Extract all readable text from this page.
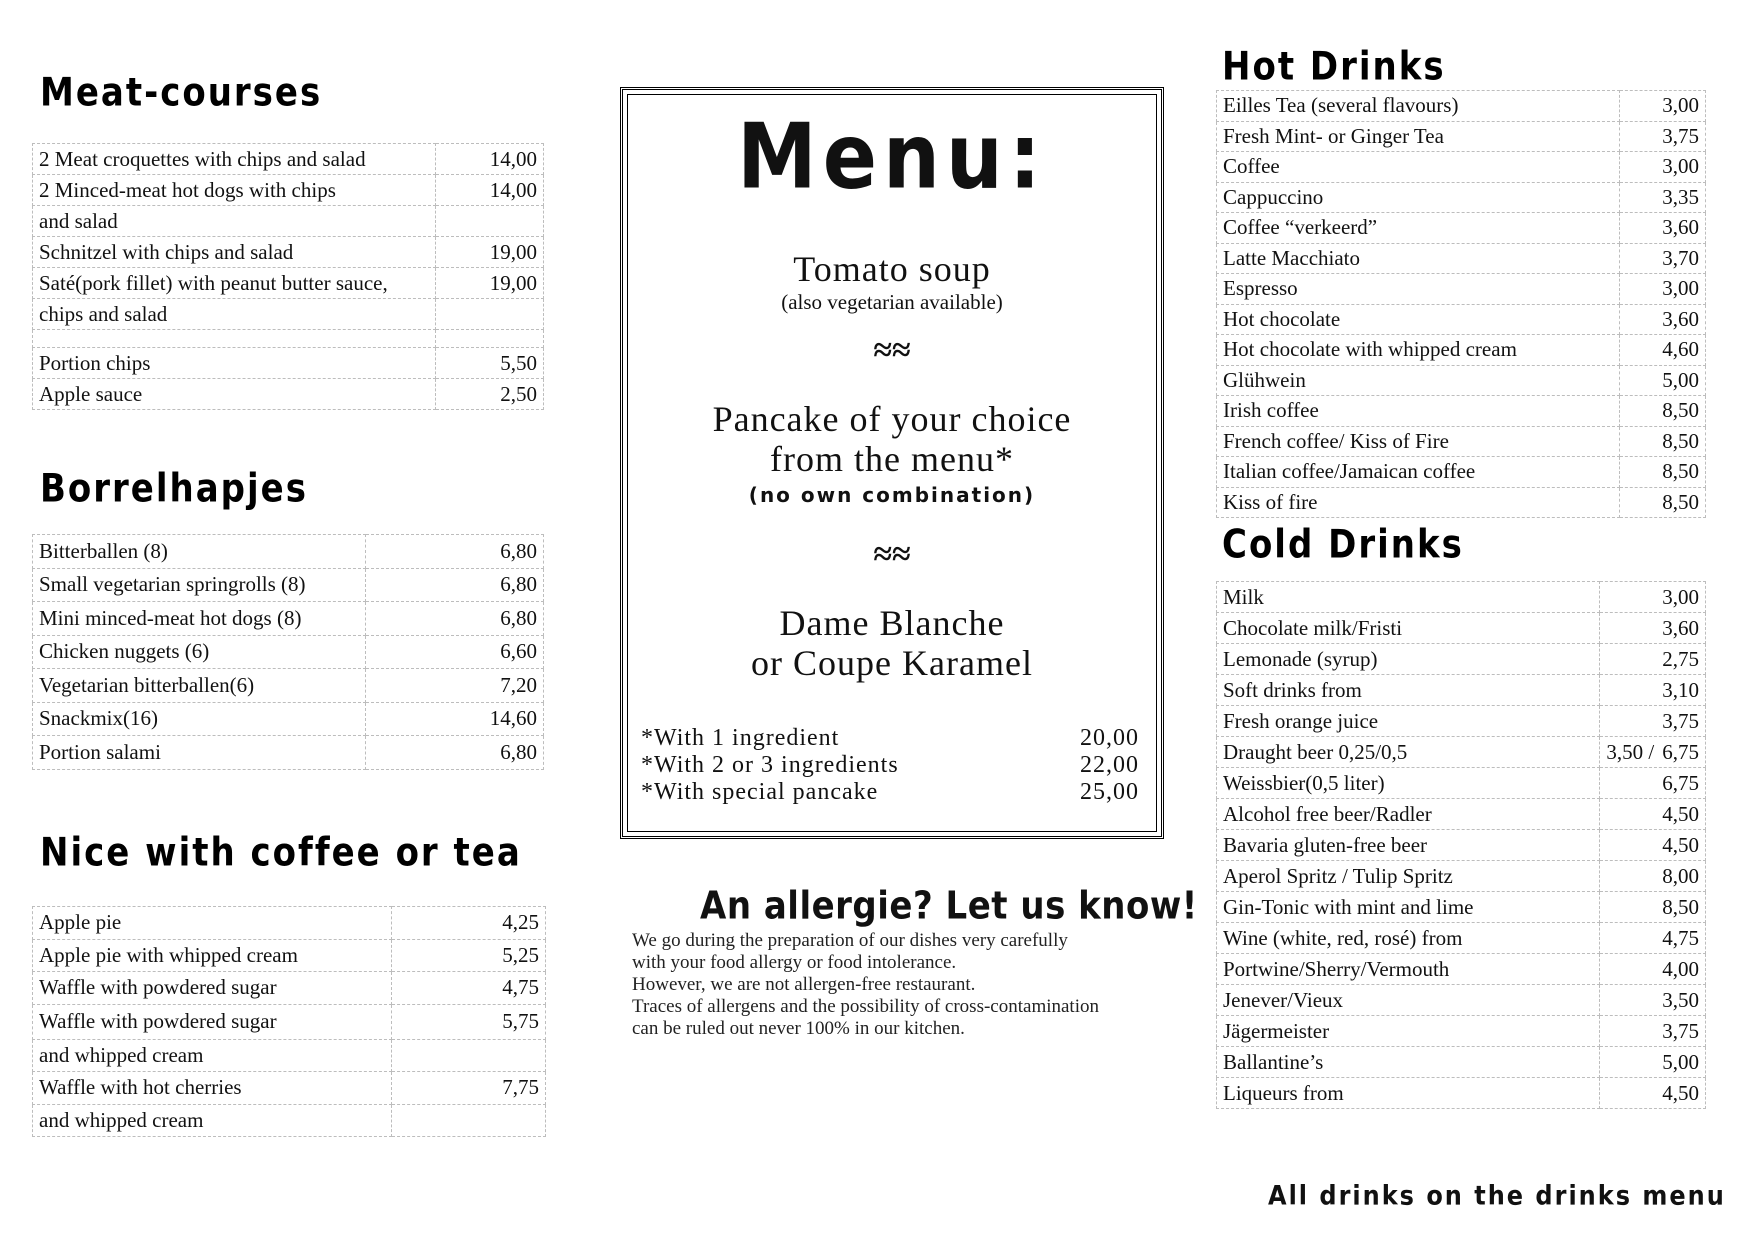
Meat-courses
2 Meat croquettes with chips and salad	14,00
2 Minced-meat hot dogs with chips	14,00
and salad	
Schnitzel with chips and salad	19,00
Saté(pork fillet) with peanut butter sauce,	19,00
chips and salad	

Portion chips	5,50
Apple sauce	2,50
Borrelhapjes
Bitterballen (8)	6,80
Small vegetarian springrolls (8)	6,80
Mini minced-meat hot dogs (8)	6,80
Chicken nuggets (6)	6,60
Vegetarian bitterballen(6)	7,20
Snackmix(16)	14,60
Portion salami	6,80
Nice with coffee or tea
Apple pie	4,25
Apple pie with whipped cream	5,25
Waffle with powdered sugar	4,75
Waffle with powdered sugar	5,75
and whipped cream	
Waffle with hot cherries	7,75
and whipped cream	
Menu:
Tomato soup
(also vegetarian available)
≈≈
Pancake of your choice
from the menu*
(no own combination)
≈≈
Dame Blanche
or Coupe Karamel
*With 1 ingredient	20,00
*With 2 or 3 ingredients	22,00
*With special pancake	25,00
An allergie? Let us know!
We go during the preparation of our dishes very carefully
with your food allergy or food intolerance.
However, we are not allergen-free restaurant.
Traces of allergens and the possibility of cross-contamination
can be ruled out never 100% in our kitchen.
Hot Drinks
Eilles Tea (several flavours)	3,00
Fresh Mint- or Ginger Tea	3,75
Coffee	3,00
Cappuccino	3,35
Coffee “verkeerd”	3,60
Latte Macchiato	3,70
Espresso	3,00
Hot chocolate	3,60
Hot chocolate with whipped cream	4,60
Glühwein	5,00
Irish coffee	8,50
French coffee/ Kiss of Fire	8,50
Italian coffee/Jamaican coffee	8,50
Kiss of fire	8,50
Cold Drinks
Milk	3,00
Chocolate milk/Fristi	3,60
Lemonade (syrup)	2,75
Soft drinks from	3,10
Fresh orange juice	3,75
Draught beer 0,25/0,5	3,50 / 6,75
Weissbier(0,5 liter)	6,75
Alcohol free beer/Radler	4,50
Bavaria gluten-free beer	4,50
Aperol Spritz / Tulip Spritz	8,00
Gin-Tonic with mint and lime	8,50
Wine (white, red, rosé) from	4,75
Portwine/Sherry/Vermouth	4,00
Jenever/Vieux	3,50
Jägermeister	3,75
Ballantine’s	5,00
Liqueurs from	4,50
All drinks on the drinks menu
